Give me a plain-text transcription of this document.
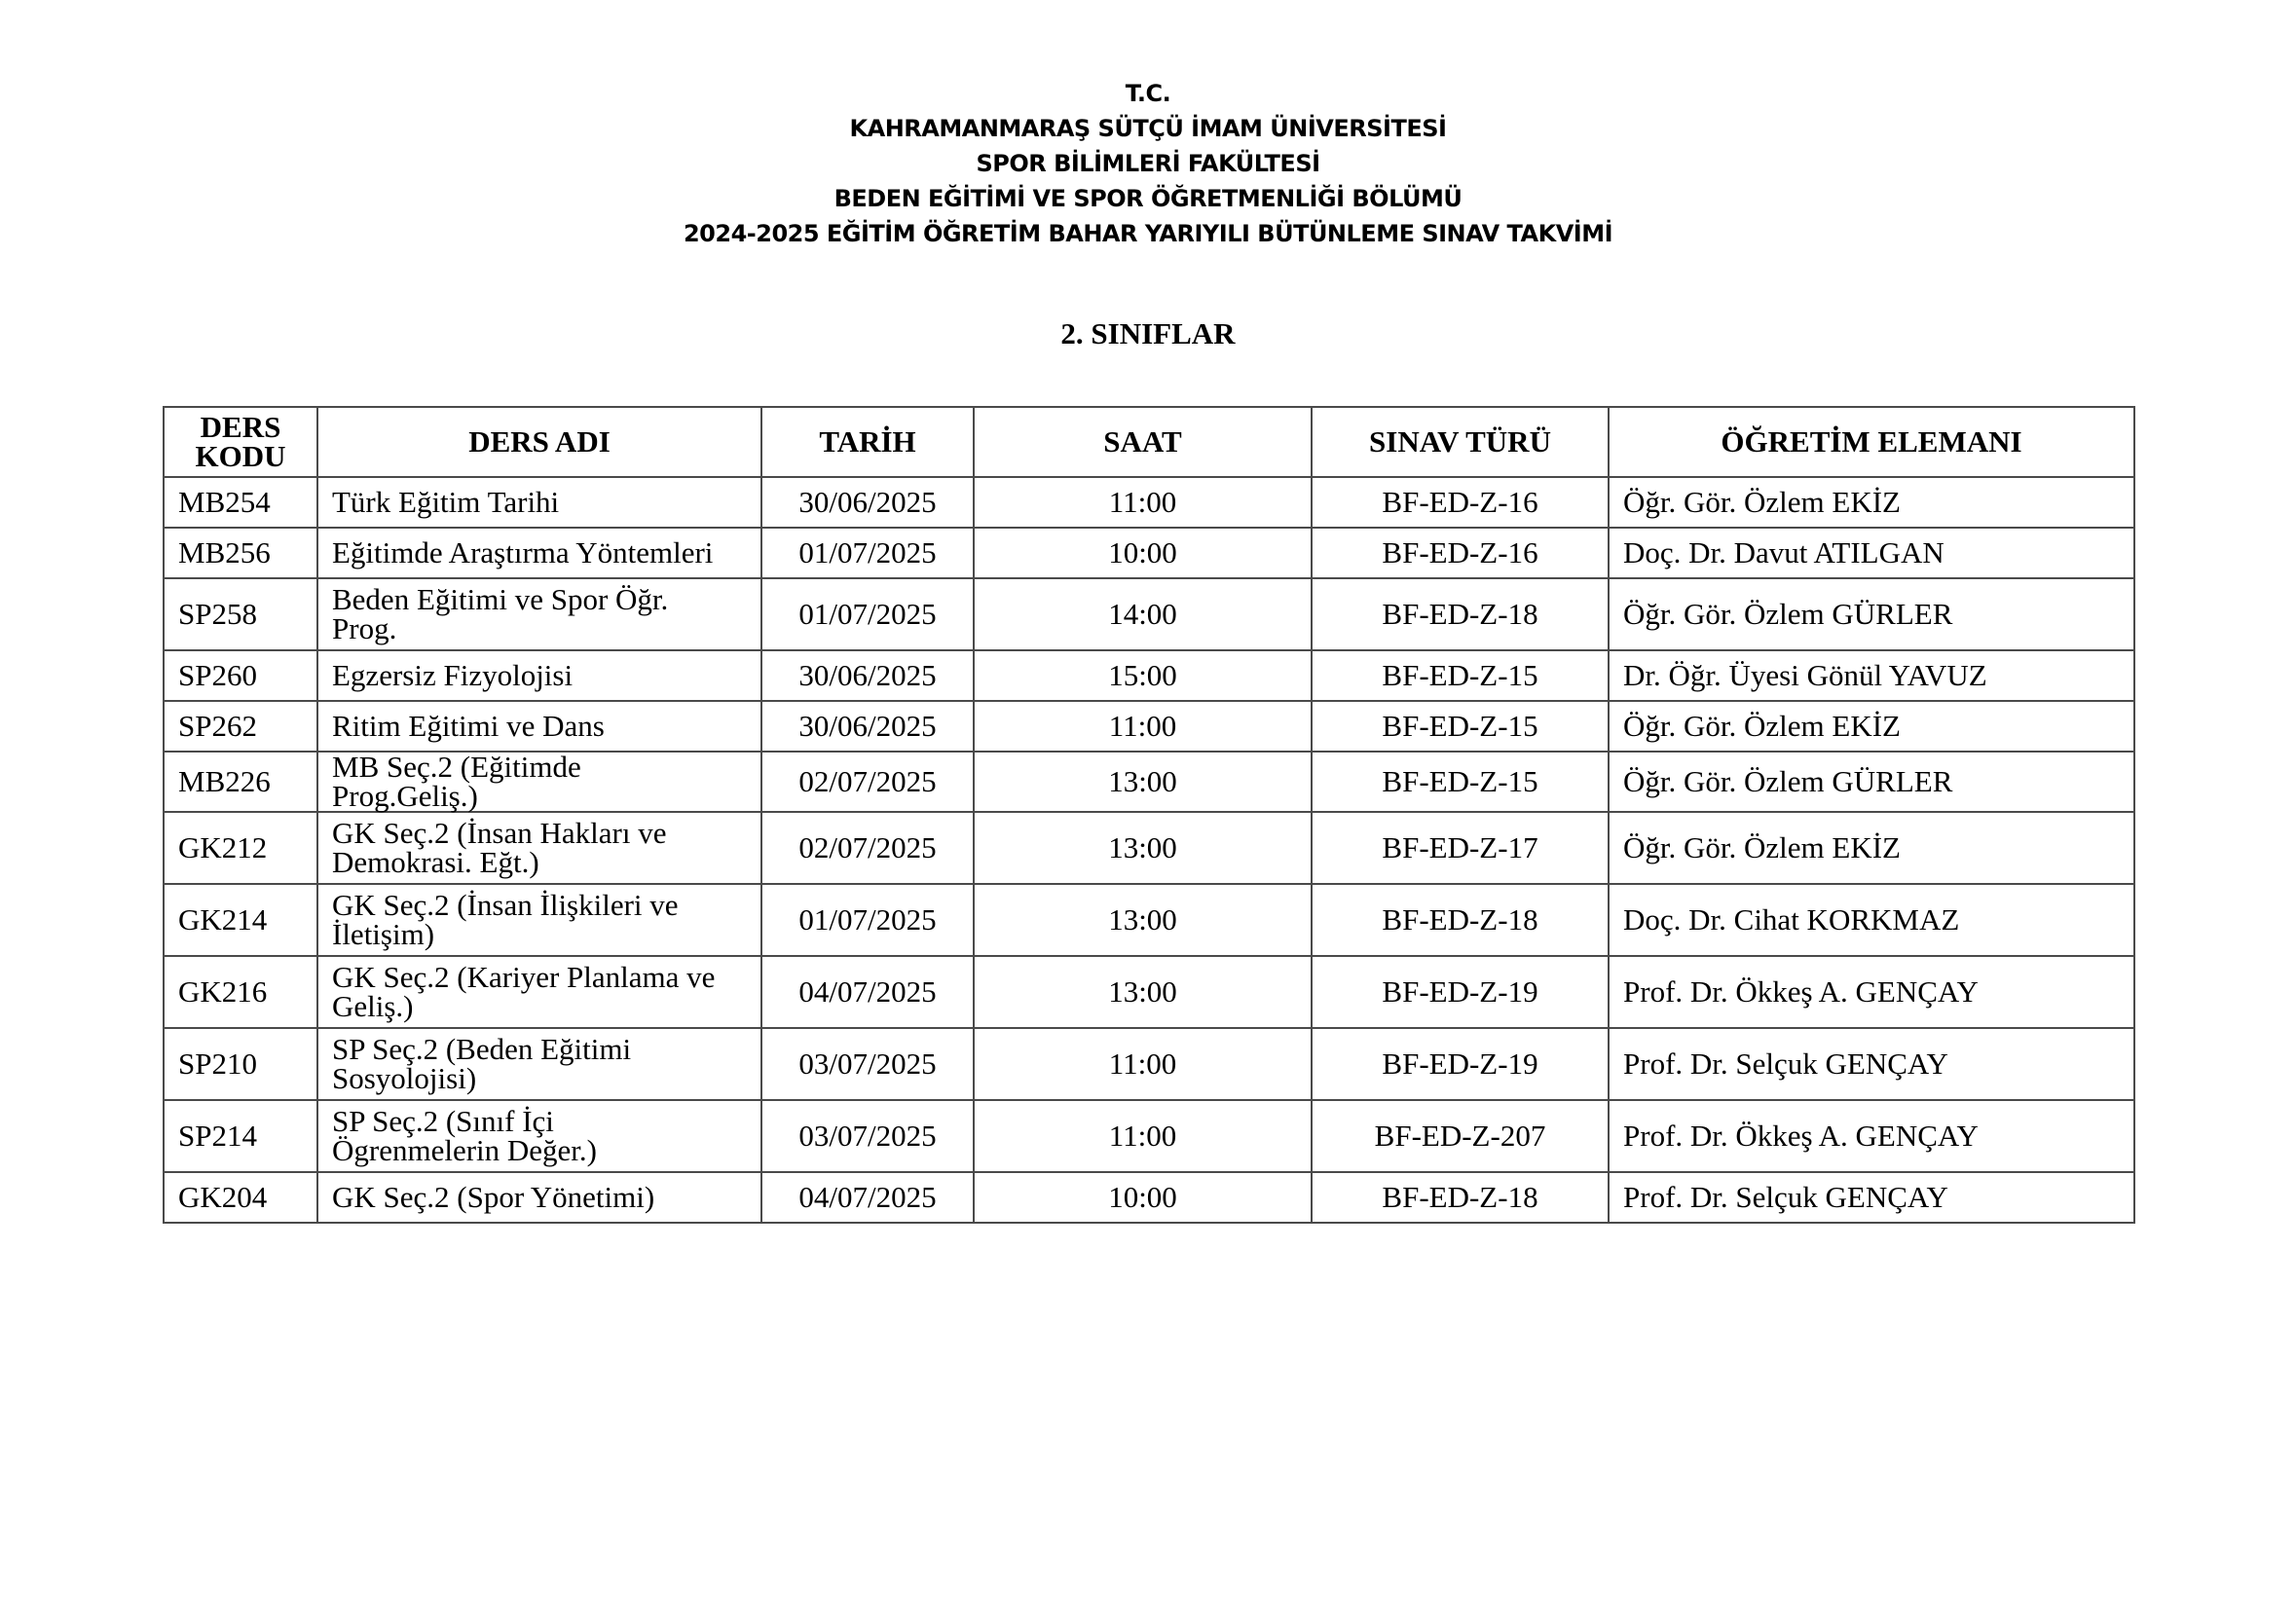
T.C.
KAHRAMANMARAŞ SÜTÇÜ İMAM ÜNİVERSİTESİ
SPOR BİLİMLERİ FAKÜLTESİ
BEDEN EĞİTİMİ VE SPOR ÖĞRETMENLİĞİ BÖLÜMÜ
2024-2025 EĞİTİM ÖĞRETİM BAHAR YARIYILI BÜTÜNLEME SINAV TAKVİMİ
2. SINIFLAR
DERS
KODU	DERS ADI	TARİH	SAAT	SINAV TÜRÜ	ÖĞRETİM ELEMANI
MB254	Türk Eğitim Tarihi	30/06/2025	11:00	BF-ED-Z-16	Öğr. Gör. Özlem EKİZ
MB256	Eğitimde Araştırma Yöntemleri	01/07/2025	10:00	BF-ED-Z-16	Doç. Dr. Davut ATILGAN
SP258	Beden Eğitimi ve Spor Öğr. Prog.	01/07/2025	14:00	BF-ED-Z-18	Öğr. Gör. Özlem GÜRLER
SP260	Egzersiz Fizyolojisi	30/06/2025	15:00	BF-ED-Z-15	Dr. Öğr. Üyesi Gönül YAVUZ
SP262	Ritim Eğitimi ve Dans	30/06/2025	11:00	BF-ED-Z-15	Öğr. Gör. Özlem EKİZ
MB226	MB Seç.2 (Eğitimde Prog.Geliş.)	02/07/2025	13:00	BF-ED-Z-15	Öğr. Gör. Özlem GÜRLER
GK212	GK Seç.2 (İnsan Hakları ve Demokrasi. Eğt.)	02/07/2025	13:00	BF-ED-Z-17	Öğr. Gör. Özlem EKİZ
GK214	GK Seç.2 (İnsan İlişkileri ve İletişim)	01/07/2025	13:00	BF-ED-Z-18	Doç. Dr. Cihat KORKMAZ
GK216	GK Seç.2 (Kariyer Planlama ve Geliş.)	04/07/2025	13:00	BF-ED-Z-19	Prof. Dr. Ökkeş A. GENÇAY
SP210	SP Seç.2 (Beden Eğitimi Sosyolojisi)	03/07/2025	11:00	BF-ED-Z-19	Prof. Dr. Selçuk GENÇAY
SP214	SP Seç.2 (Sınıf İçi Ögrenmelerin Değer.)	03/07/2025	11:00	BF-ED-Z-207	Prof. Dr. Ökkeş A. GENÇAY
GK204	GK Seç.2 (Spor Yönetimi)	04/07/2025	10:00	BF-ED-Z-18	Prof. Dr. Selçuk GENÇAY
